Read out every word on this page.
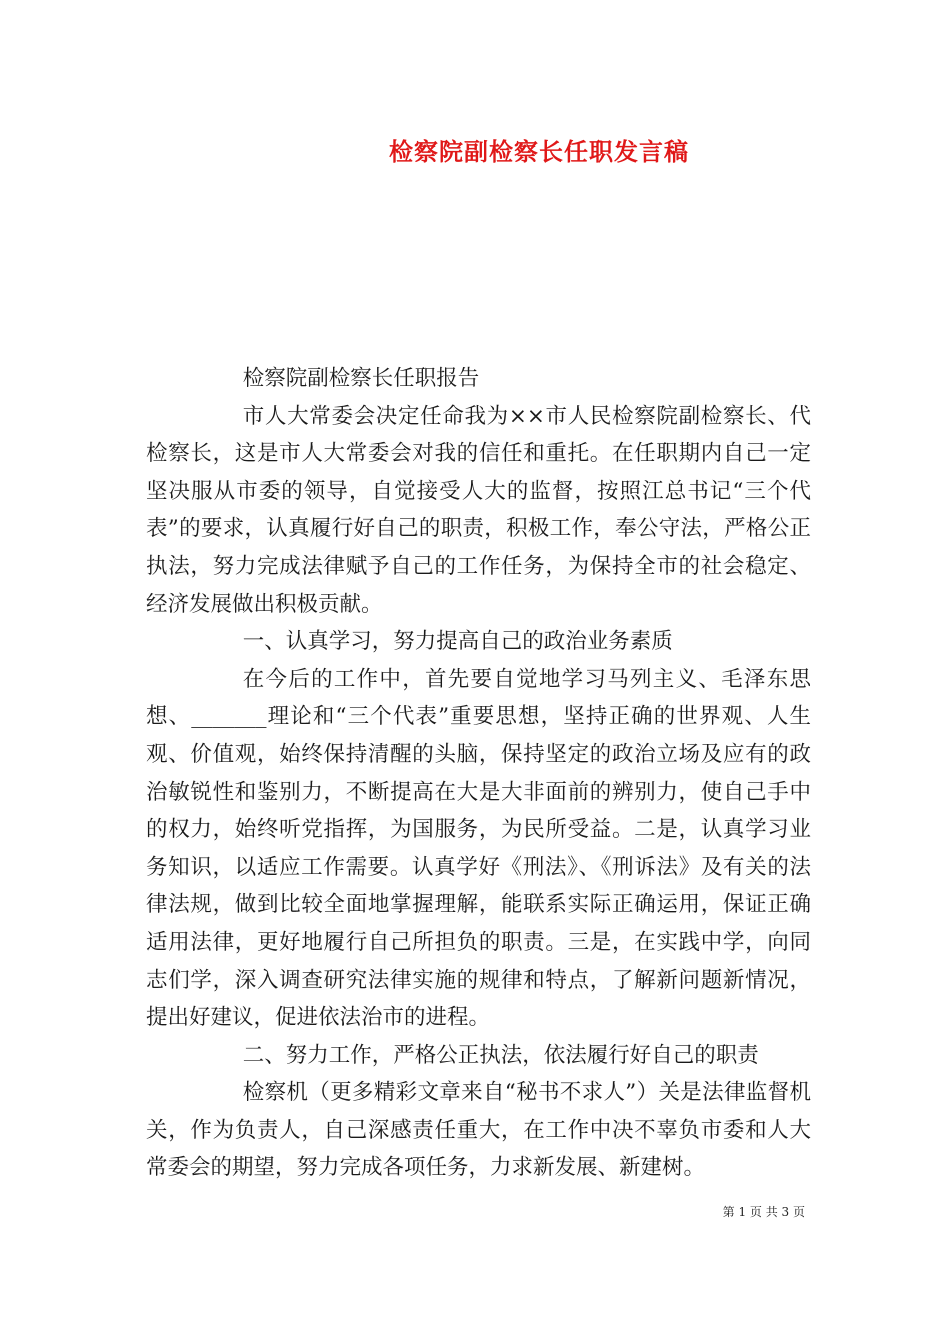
检察院副检察长任职发言稿

检察院副检察长任职报告

市人大常委会决定任命我为××市人民检察院副检察长、代检察长，这是市人大常委会对我的信任和重托。在任职期内自己一定坚决服从市委的领导，自觉接受人大的监督，按照江总书记“三个代表”的要求，认真履行好自己的职责，积极工作，奉公守法，严格公正执法，努力完成法律赋予自己的工作任务，为保持全市的社会稳定、经济发展做出积极贡献。

一、认真学习，努力提高自己的政治业务素质

在今后的工作中，首先要自觉地学习马列主义、毛泽东思想、_______理论和“三个代表”重要思想，坚持正确的世界观、人生观、价值观，始终保持清醒的头脑，保持坚定的政治立场及应有的政治敏锐性和鉴别力，不断提高在大是大非面前的辨别力，使自己手中的权力，始终听党指挥，为国服务，为民所受益。二是，认真学习业务知识，以适应工作需要。认真学好《刑法》、《刑诉法》及有关的法律法规，做到比较全面地掌握理解，能联系实际正确运用，保证正确适用法律，更好地履行自己所担负的职责。三是，在实践中学，向同志们学，深入调查研究法律实施的规律和特点，了解新问题新情况，提出好建议，促进依法治市的进程。

二、努力工作，严格公正执法，依法履行好自己的职责

检察机（更多精彩文章来自“秘书不求人”）关是法律监督机关，作为负责人，自己深感责任重大，在工作中决不辜负市委和人大常委会的期望，努力完成各项任务，力求新发展、新建树。

第 1 页 共 3 页
